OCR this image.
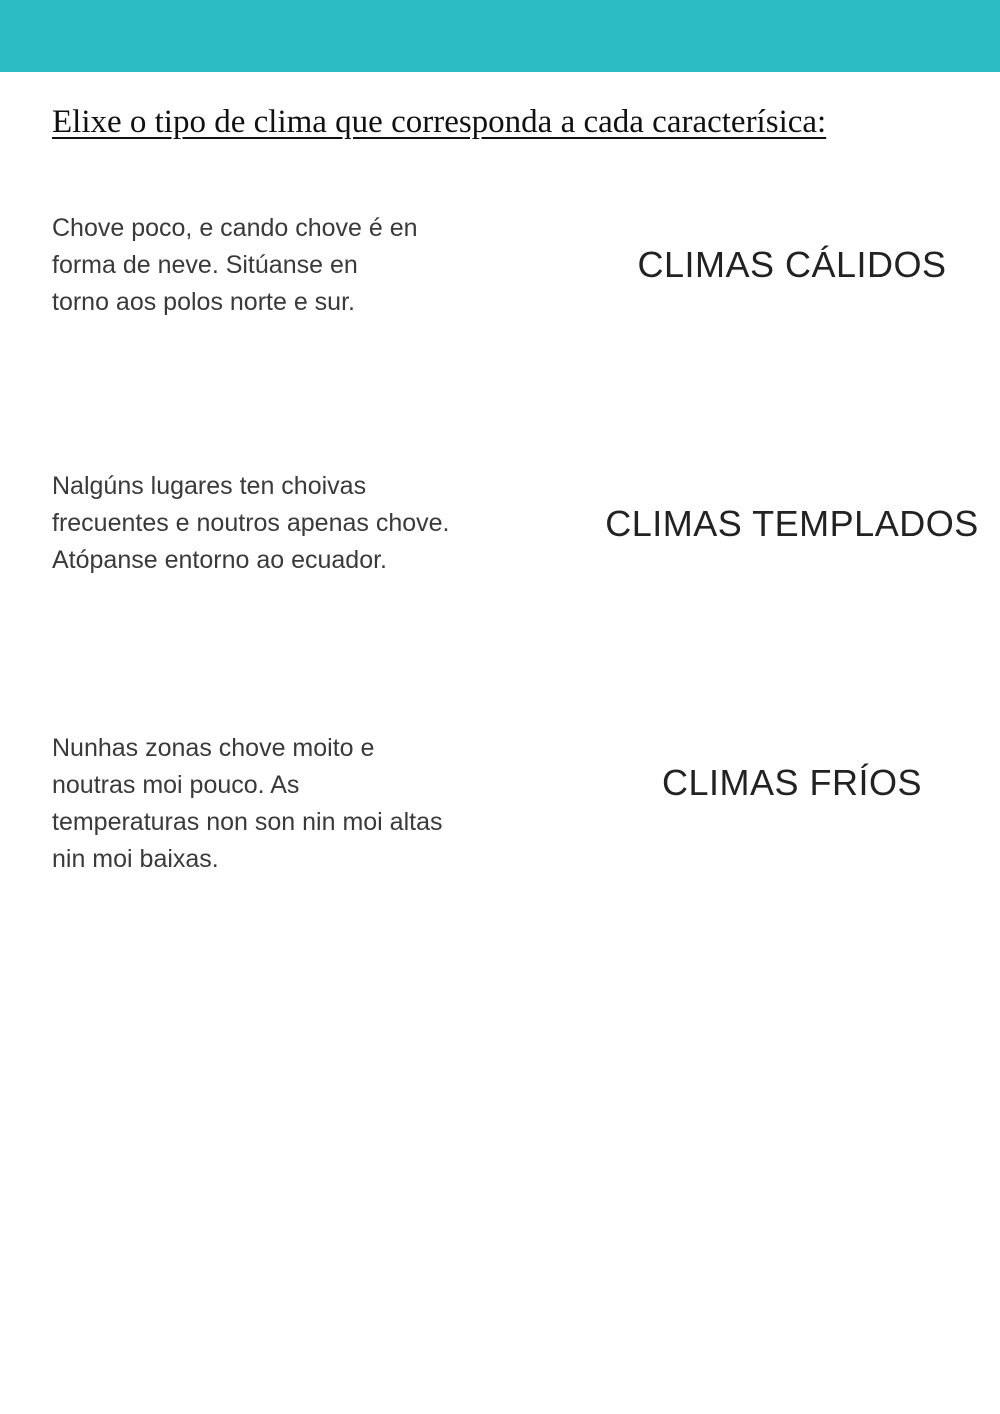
Elixe o tipo de clima que corresponda a cada caracterísica:

Chove poco, e cando chove é en
forma de neve. Sitúanse en
torno aos polos norte e sur.

Nalgúns lugares ten choivas
frecuentes e noutros apenas chove.
Atópanse entorno ao ecuador.

Nunhas zonas chove moito e
noutras moi pouco. As
temperaturas non son nin moi altas
nin moi baixas.

CLIMAS CÁLIDOS
CLIMAS TEMPLADOS
CLIMAS FRÍOS
